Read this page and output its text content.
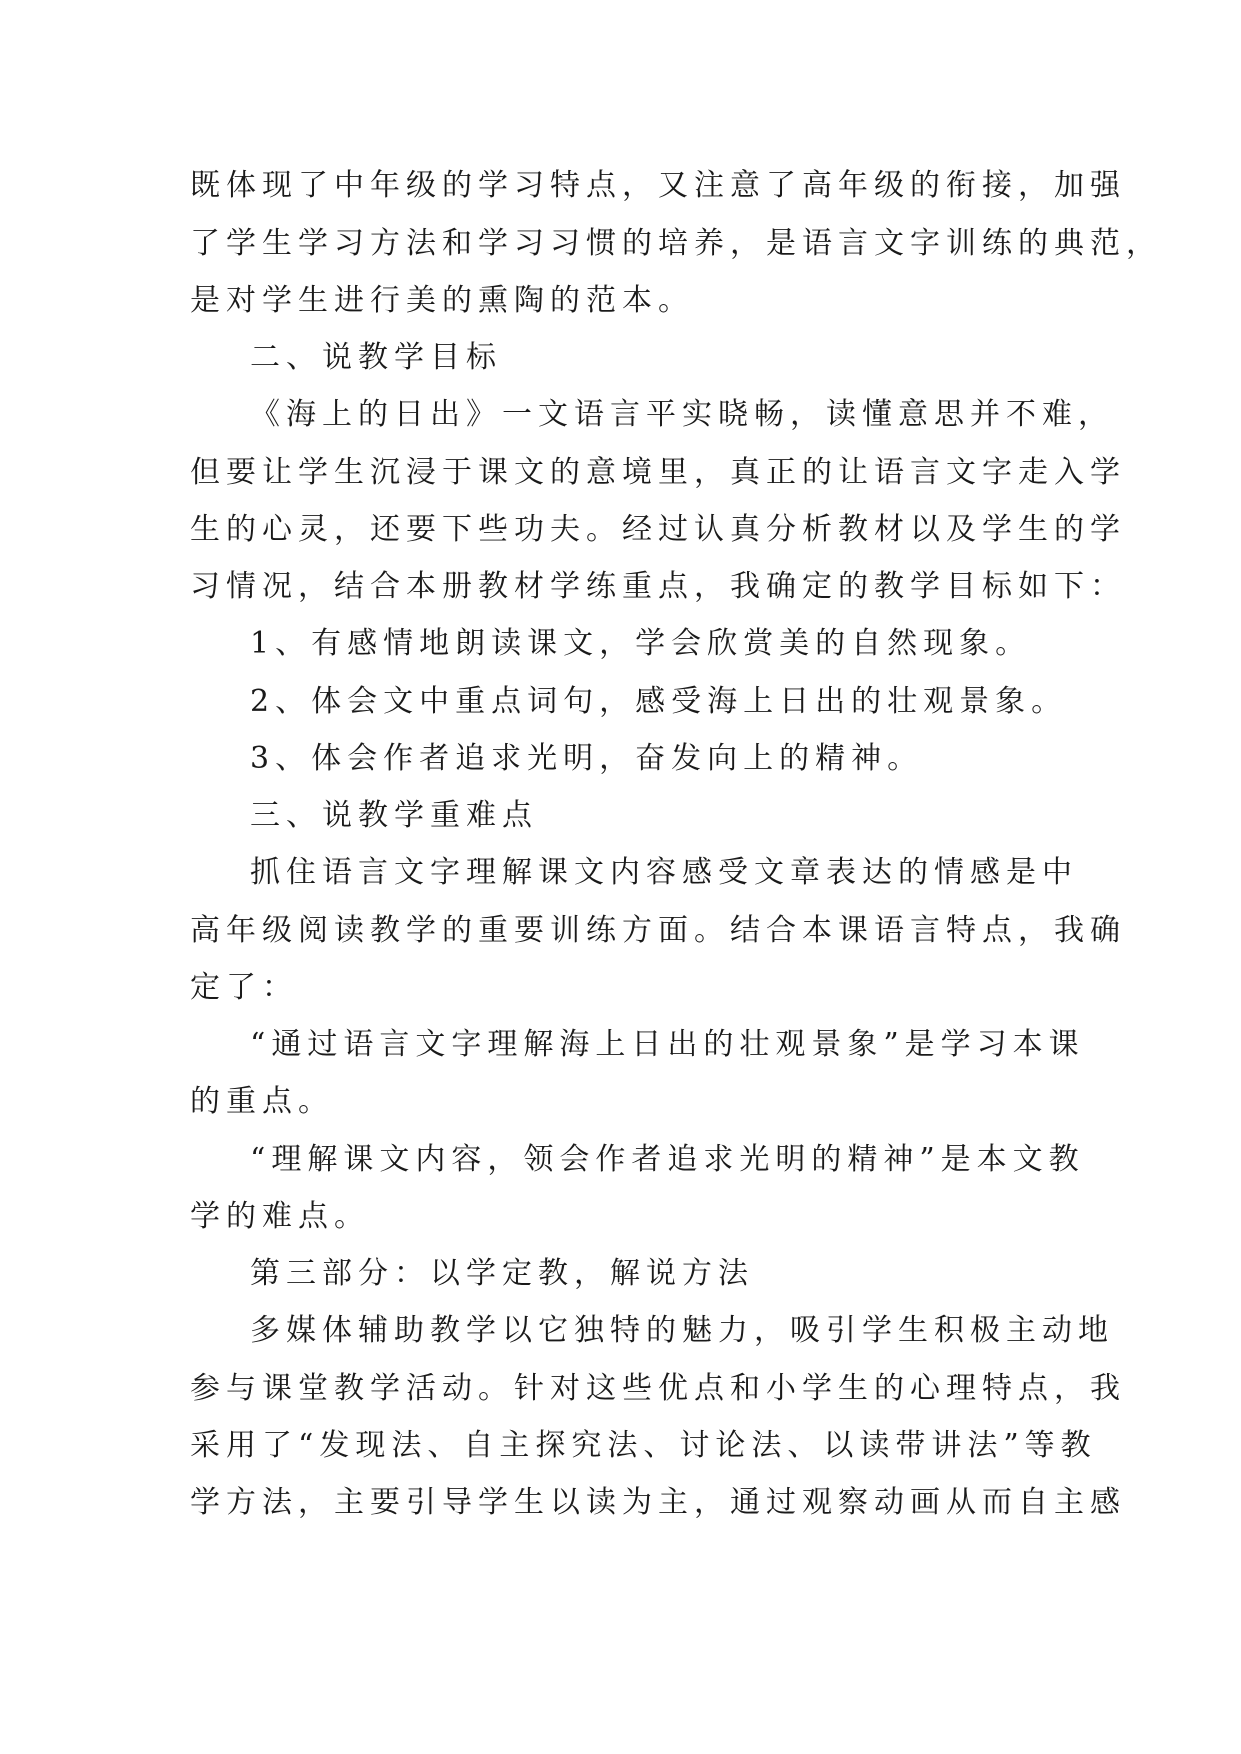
既体现了中年级的学习特点，又注意了高年级的衔接，加强
了学生学习方法和学习习惯的培养，是语言文字训练的典范，
是对学生进行美的熏陶的范本。
二、说教学目标
《海上的日出》一文语言平实晓畅，读懂意思并不难，
但要让学生沉浸于课文的意境里，真正的让语言文字走入学
生的心灵，还要下些功夫。经过认真分析教材以及学生的学
习情况，结合本册教材学练重点，我确定的教学目标如下：
1、有感情地朗读课文，学会欣赏美的自然现象。
2、体会文中重点词句，感受海上日出的壮观景象。
3、体会作者追求光明，奋发向上的精神。
三、说教学重难点
抓住语言文字理解课文内容感受文章表达的情感是中
高年级阅读教学的重要训练方面。结合本课语言特点，我确
定了：
“通过语言文字理解海上日出的壮观景象”是学习本课
的重点。
“理解课文内容，领会作者追求光明的精神”是本文教
学的难点。
第三部分：以学定教，解说方法
多媒体辅助教学以它独特的魅力，吸引学生积极主动地
参与课堂教学活动。针对这些优点和小学生的心理特点，我
采用了“发现法、自主探究法、讨论法、以读带讲法”等教
学方法，主要引导学生以读为主，通过观察动画从而自主感
